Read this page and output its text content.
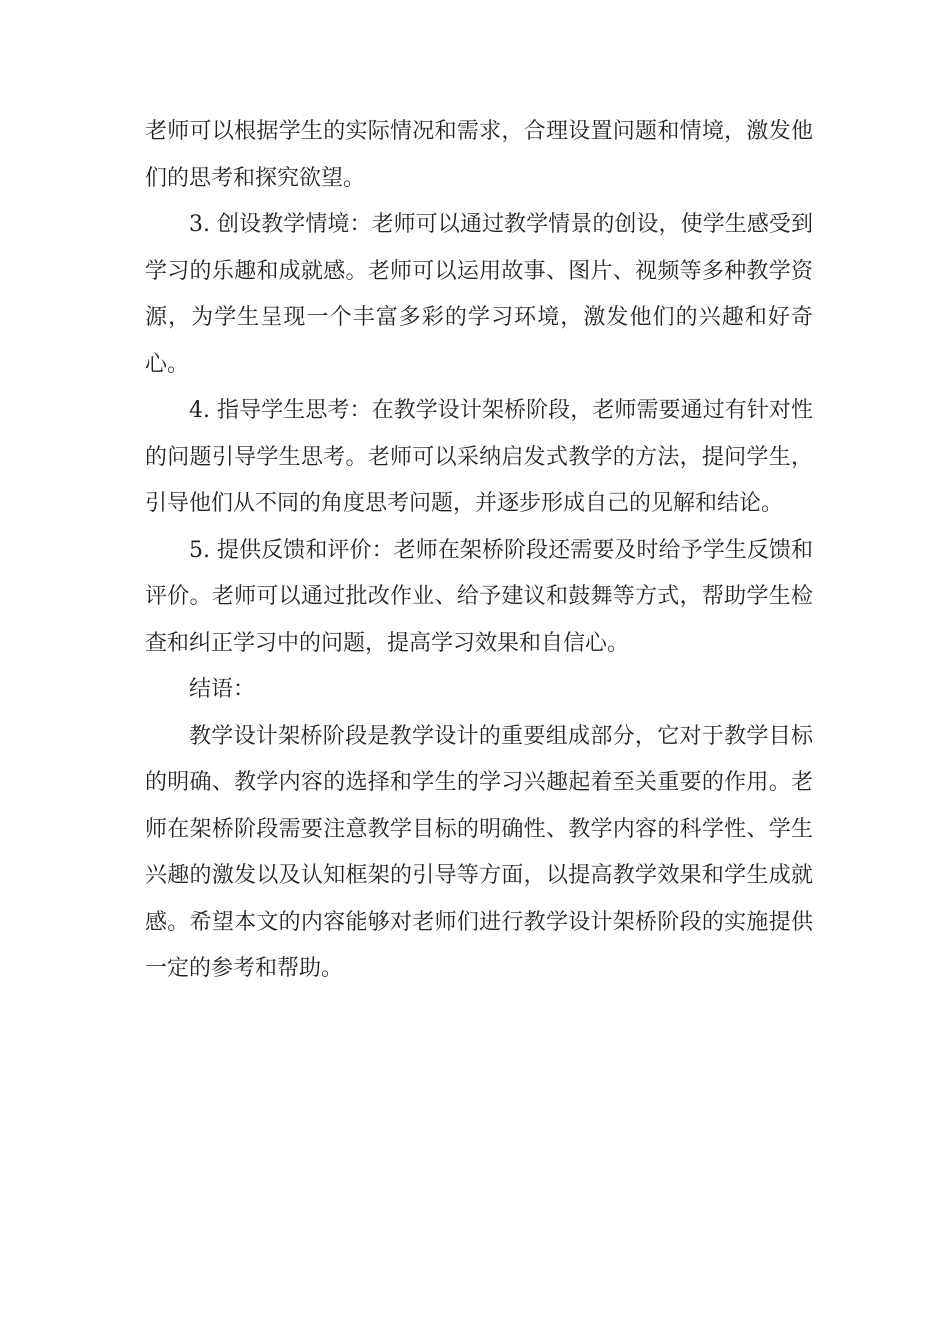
老师可以根据学生的实际情况和需求，合理设置问题和情境，激发他们的思考和探究欲望。

3. 创设教学情境：老师可以通过教学情景的创设，使学生感受到学习的乐趣和成就感。老师可以运用故事、图片、视频等多种教学资源，为学生呈现一个丰富多彩的学习环境，激发他们的兴趣和好奇心。

4. 指导学生思考：在教学设计架桥阶段，老师需要通过有针对性的问题引导学生思考。老师可以采纳启发式教学的方法，提问学生，引导他们从不同的角度思考问题，并逐步形成自己的见解和结论。

5. 提供反馈和评价：老师在架桥阶段还需要及时给予学生反馈和评价。老师可以通过批改作业、给予建议和鼓舞等方式，帮助学生检查和纠正学习中的问题，提高学习效果和自信心。

结语：

教学设计架桥阶段是教学设计的重要组成部分，它对于教学目标的明确、教学内容的选择和学生的学习兴趣起着至关重要的作用。老师在架桥阶段需要注意教学目标的明确性、教学内容的科学性、学生兴趣的激发以及认知框架的引导等方面，以提高教学效果和学生成就感。希望本文的内容能够对老师们进行教学设计架桥阶段的实施提供一定的参考和帮助。
